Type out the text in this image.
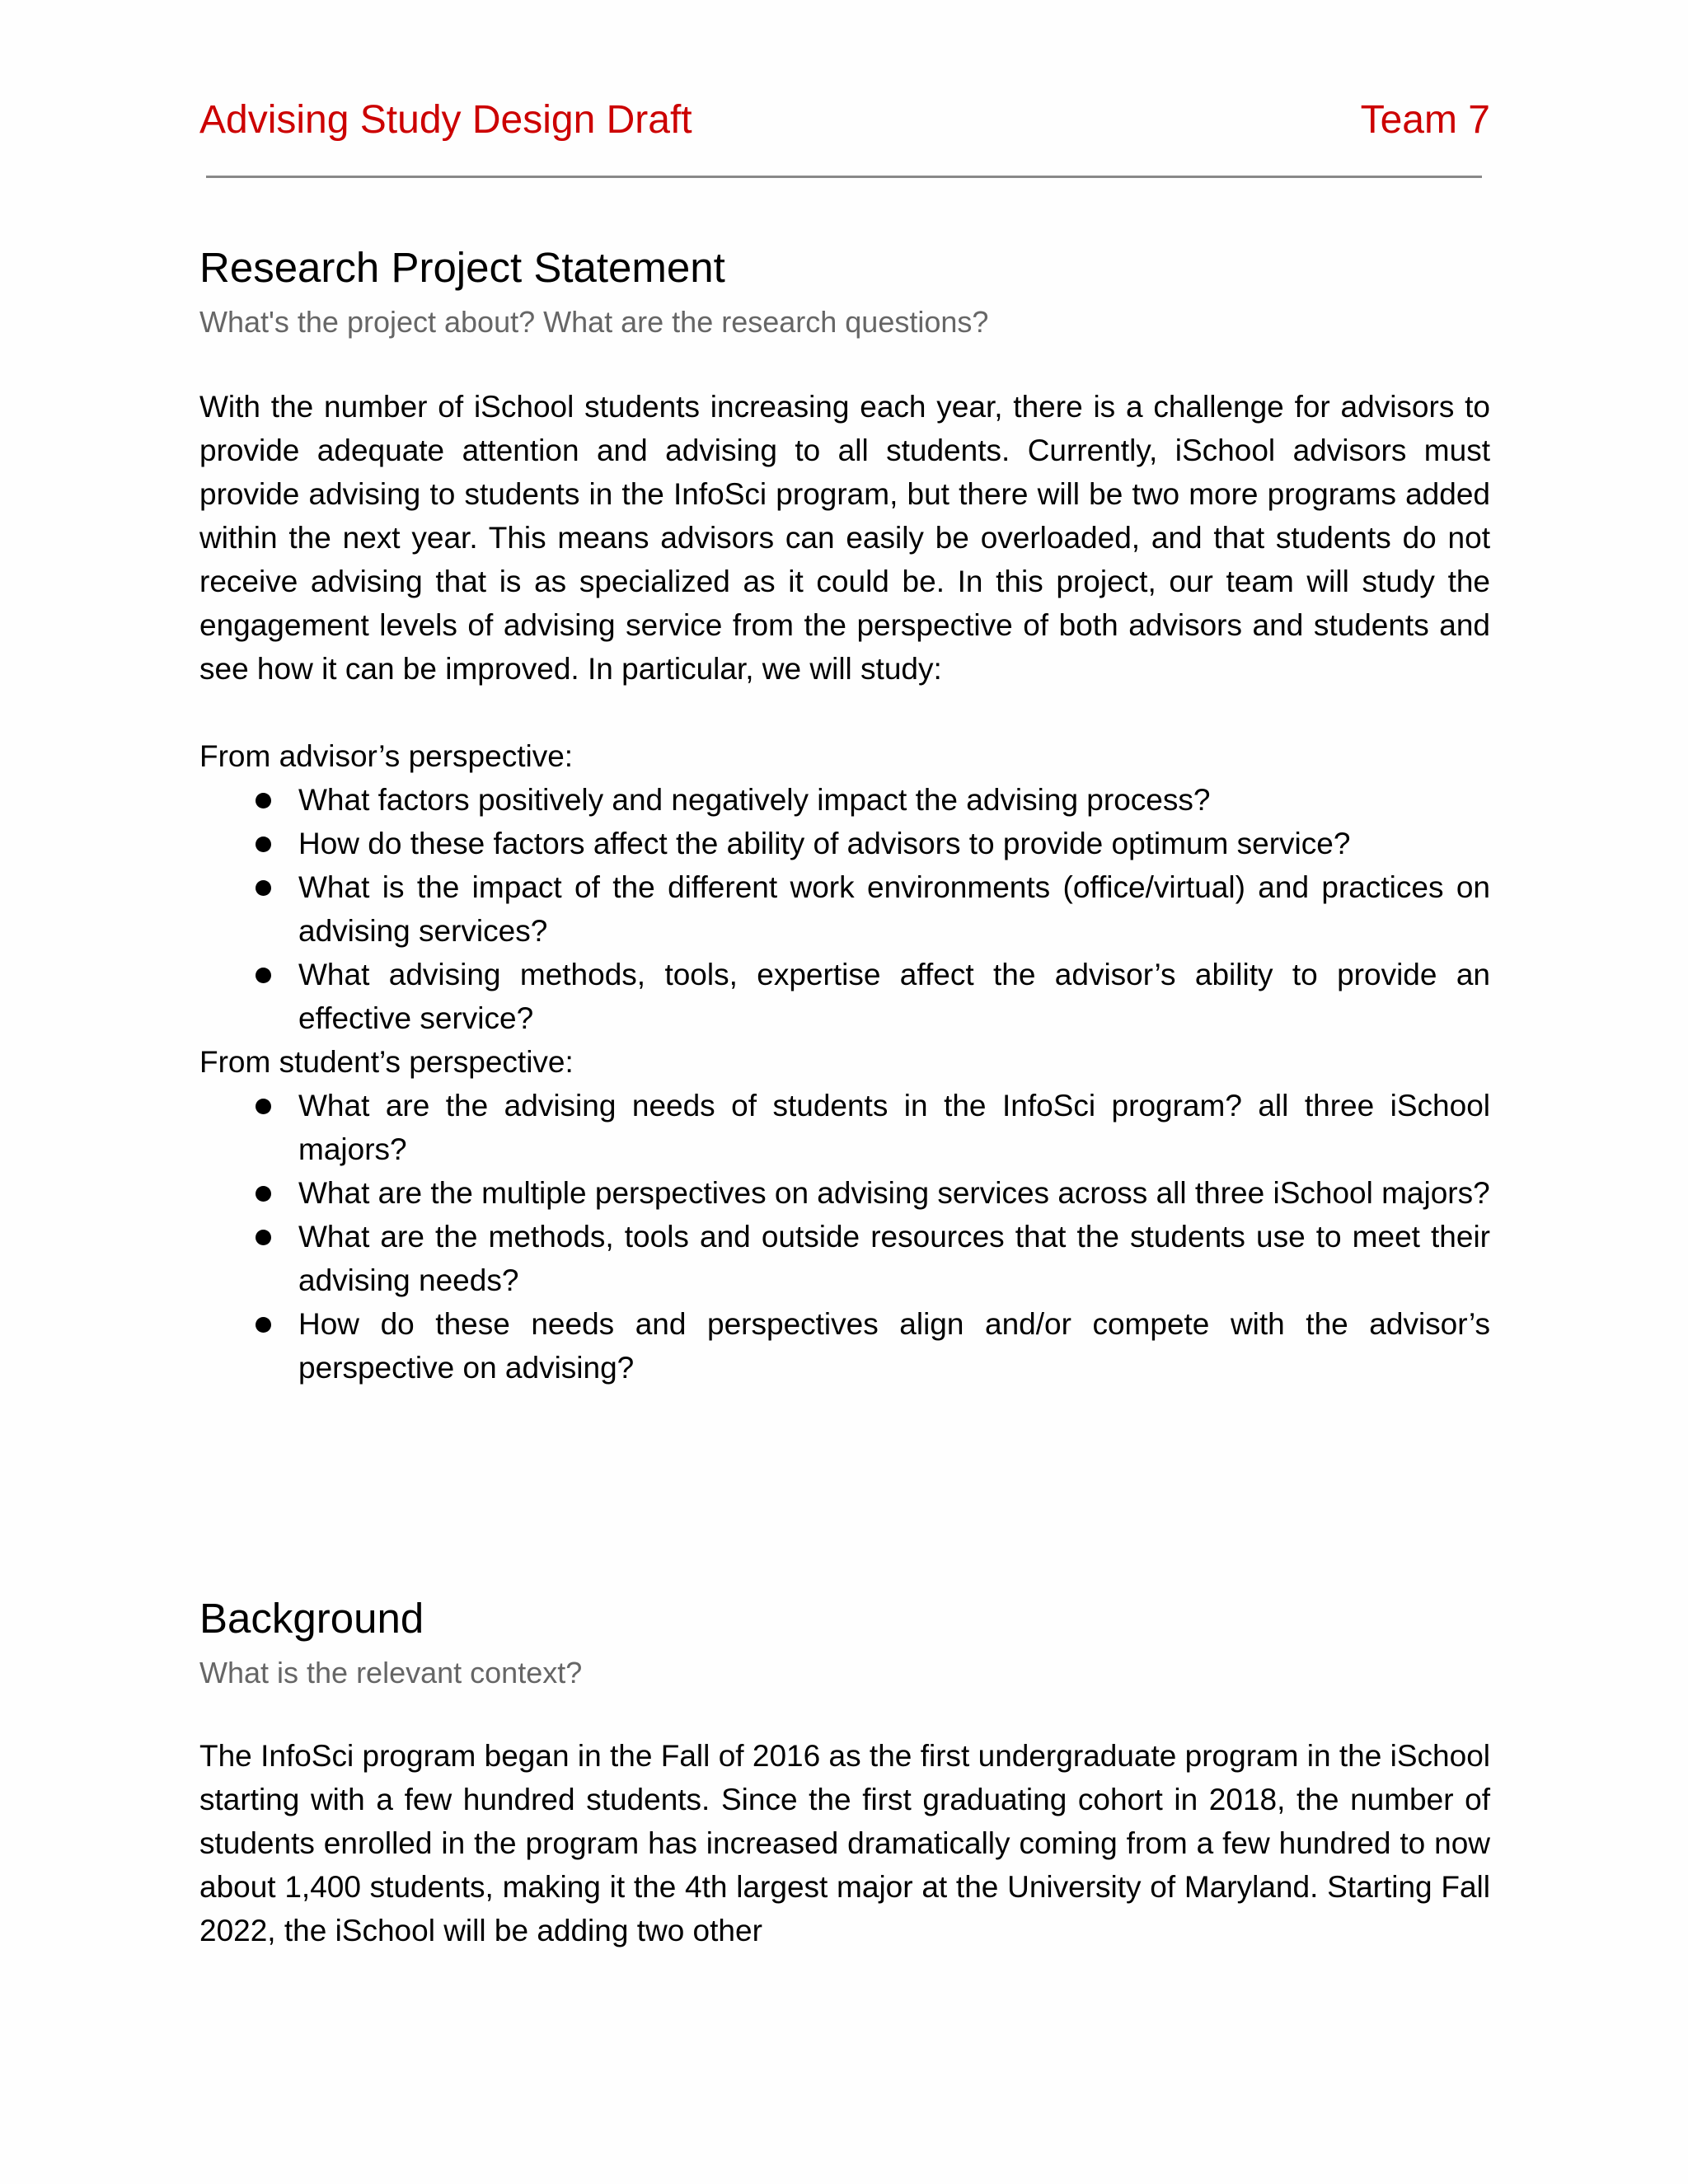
Advising Study Design Draft	Team 7
Research Project Statement

What's the project about? What are the research questions?

With the number of iSchool students increasing each year, there is a challenge for advisors to provide adequate attention and advising to all students. Currently, iSchool advisors must provide advising to students in the InfoSci program, but there will be two more programs added within the next year. This means advisors can easily be overloaded, and that students do not receive advising that is as specialized as it could be. In this project, our team will study the engagement levels of advising service from the perspective of both advisors and students and see how it can be improved. In particular, we will study:

From advisor’s perspective:

What factors positively and negatively impact the advising process?
How do these factors affect the ability of advisors to provide optimum service?
What is the impact of the different work environments (office/virtual) and practices on advising services?
What advising methods, tools, expertise affect the advisor’s ability to provide an effective service?

From student’s perspective:

What are the advising needs of students in the InfoSci program? all three iSchool majors?
What are the multiple perspectives on advising services across all three iSchool majors?
What are the methods, tools and outside resources that the students use to meet their advising needs?
How do these needs and perspectives align and/or compete with the advisor’s perspective on advising?
Background

What is the relevant context?

The InfoSci program began in the Fall of 2016 as the first undergraduate program in the iSchool starting with a few hundred students. Since the first graduating cohort in 2018, the number of students enrolled in the program has increased dramatically coming from a few hundred to now about 1,400 students, making it the 4th largest major at the University of Maryland. Starting Fall 2022, the iSchool will be adding two other
